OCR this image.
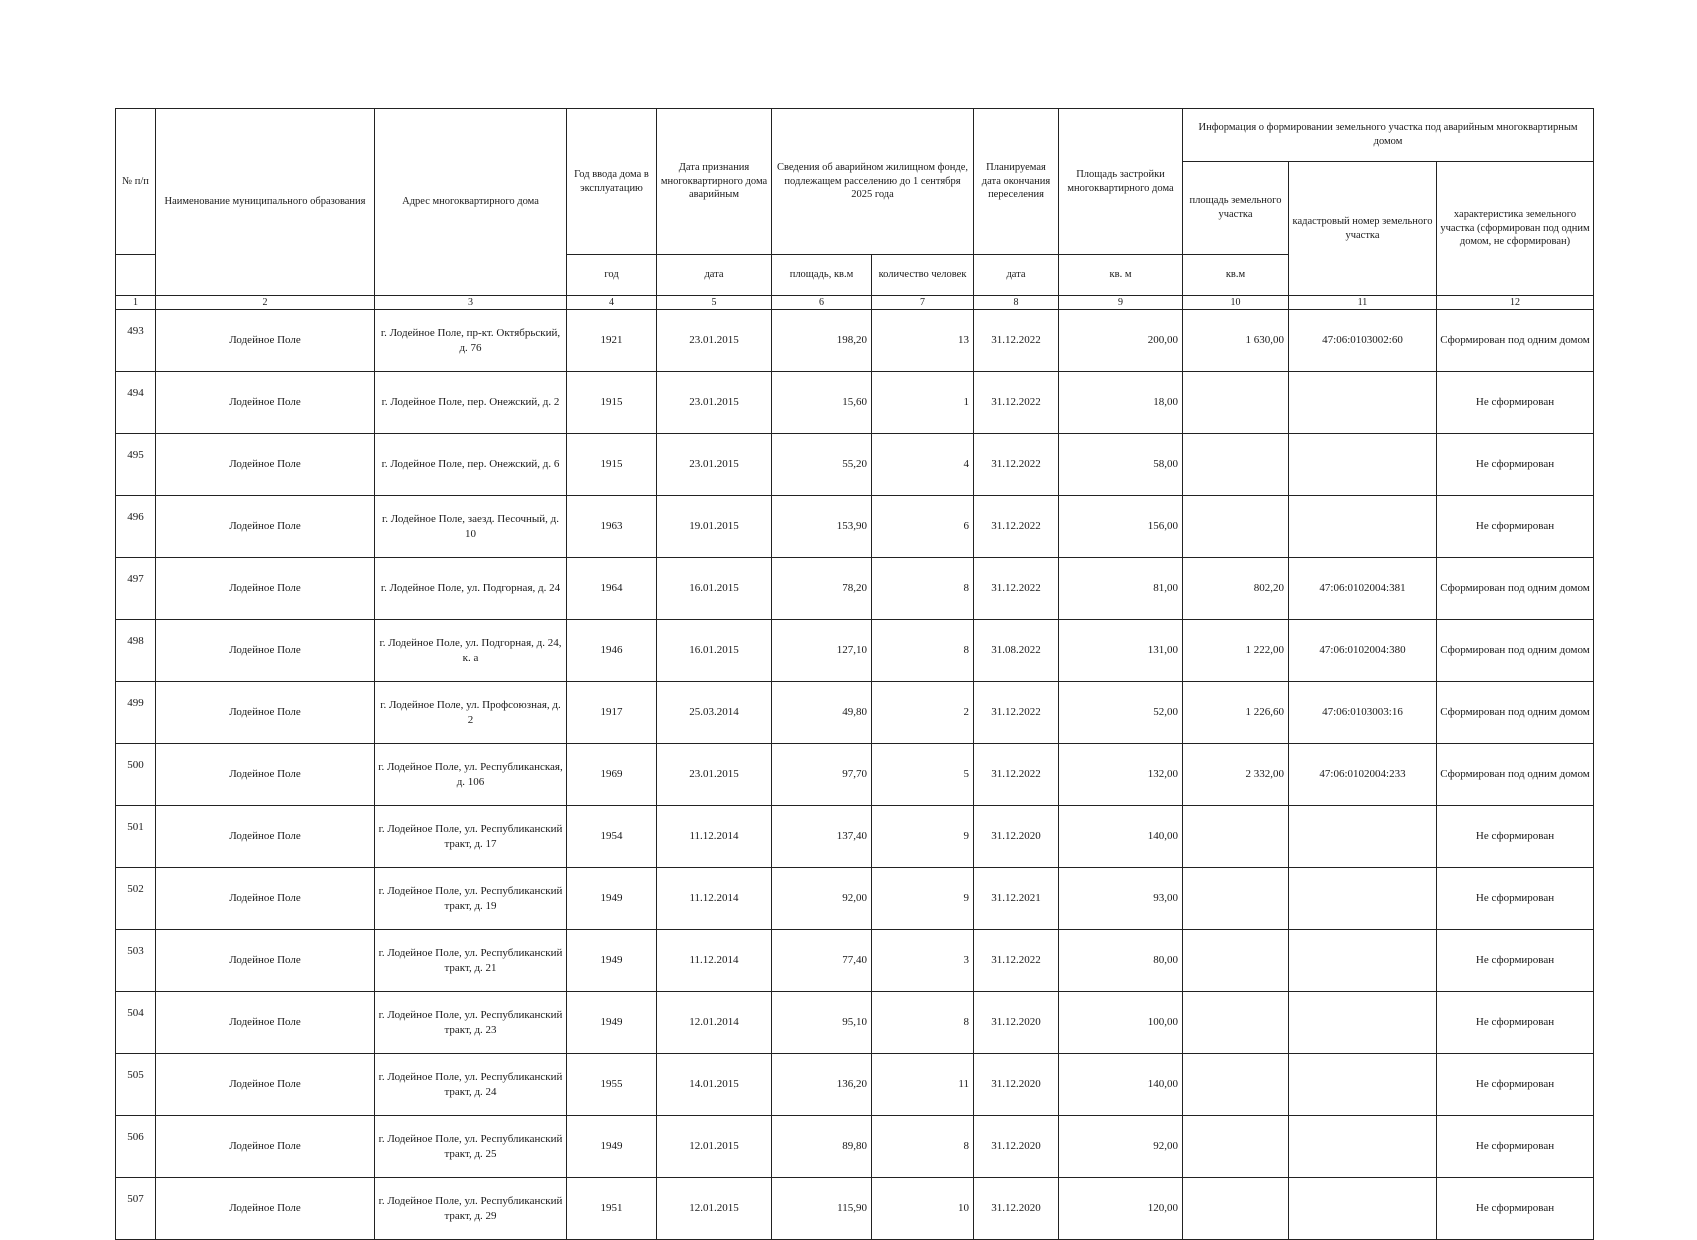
№ п/п	Наименование муниципального образования	Адрес многоквартирного дома	Год ввода дома в эксплуатацию	Дата признания многоквартирного дома аварийным	Сведения об аварийном жилищном фонде, подлежащем расселению до 1 сентября 2025 года		Планируемая дата окончания переселения	Площадь застройки многоквартирного дома	Информация о формировании земельного участка под аварийным многоквартирным домом		
									площадь земельного участка	кадастровый номер земельного участка	характеристика земельного участка (сформирован под одним домом, не сформирован)
			год	дата	площадь, кв.м	количество человек	дата	кв. м	кв.м		
1	2	3	4	5	6	7	8	9	10	11	12
493	Лодейное Поле	г. Лодейное Поле, пр-кт. Октябрьский, д. 76	1921	23.01.2015	198,20	13	31.12.2022	200,00	1 630,00	47:06:0103002:60	Сформирован под одним домом
494	Лодейное Поле	г. Лодейное Поле, пер. Онежский, д. 2	1915	23.01.2015	15,60	1	31.12.2022	18,00			Не сформирован
495	Лодейное Поле	г. Лодейное Поле, пер. Онежский, д. 6	1915	23.01.2015	55,20	4	31.12.2022	58,00			Не сформирован
496	Лодейное Поле	г. Лодейное Поле, заезд. Песочный, д. 10	1963	19.01.2015	153,90	6	31.12.2022	156,00			Не сформирован
497	Лодейное Поле	г. Лодейное Поле, ул. Подгорная, д. 24	1964	16.01.2015	78,20	8	31.12.2022	81,00	802,20	47:06:0102004:381	Сформирован под одним домом
498	Лодейное Поле	г. Лодейное Поле, ул. Подгорная, д. 24, к. а	1946	16.01.2015	127,10	8	31.08.2022	131,00	1 222,00	47:06:0102004:380	Сформирован под одним домом
499	Лодейное Поле	г. Лодейное Поле, ул. Профсоюзная, д. 2	1917	25.03.2014	49,80	2	31.12.2022	52,00	1 226,60	47:06:0103003:16	Сформирован под одним домом
500	Лодейное Поле	г. Лодейное Поле, ул. Республиканская, д. 106	1969	23.01.2015	97,70	5	31.12.2022	132,00	2 332,00	47:06:0102004:233	Сформирован под одним домом
501	Лодейное Поле	г. Лодейное Поле, ул. Республиканский тракт, д. 17	1954	11.12.2014	137,40	9	31.12.2020	140,00			Не сформирован
502	Лодейное Поле	г. Лодейное Поле, ул. Республиканский тракт, д. 19	1949	11.12.2014	92,00	9	31.12.2021	93,00			Не сформирован
503	Лодейное Поле	г. Лодейное Поле, ул. Республиканский тракт, д. 21	1949	11.12.2014	77,40	3	31.12.2022	80,00			Не сформирован
504	Лодейное Поле	г. Лодейное Поле, ул. Республиканский тракт, д. 23	1949	12.01.2014	95,10	8	31.12.2020	100,00			Не сформирован
505	Лодейное Поле	г. Лодейное Поле, ул. Республиканский тракт, д. 24	1955	14.01.2015	136,20	11	31.12.2020	140,00			Не сформирован
506	Лодейное Поле	г. Лодейное Поле, ул. Республиканский тракт, д. 25	1949	12.01.2015	89,80	8	31.12.2020	92,00			Не сформирован
507	Лодейное Поле	г. Лодейное Поле, ул. Республиканский тракт, д. 29	1951	12.01.2015	115,90	10	31.12.2020	120,00			Не сформирован
